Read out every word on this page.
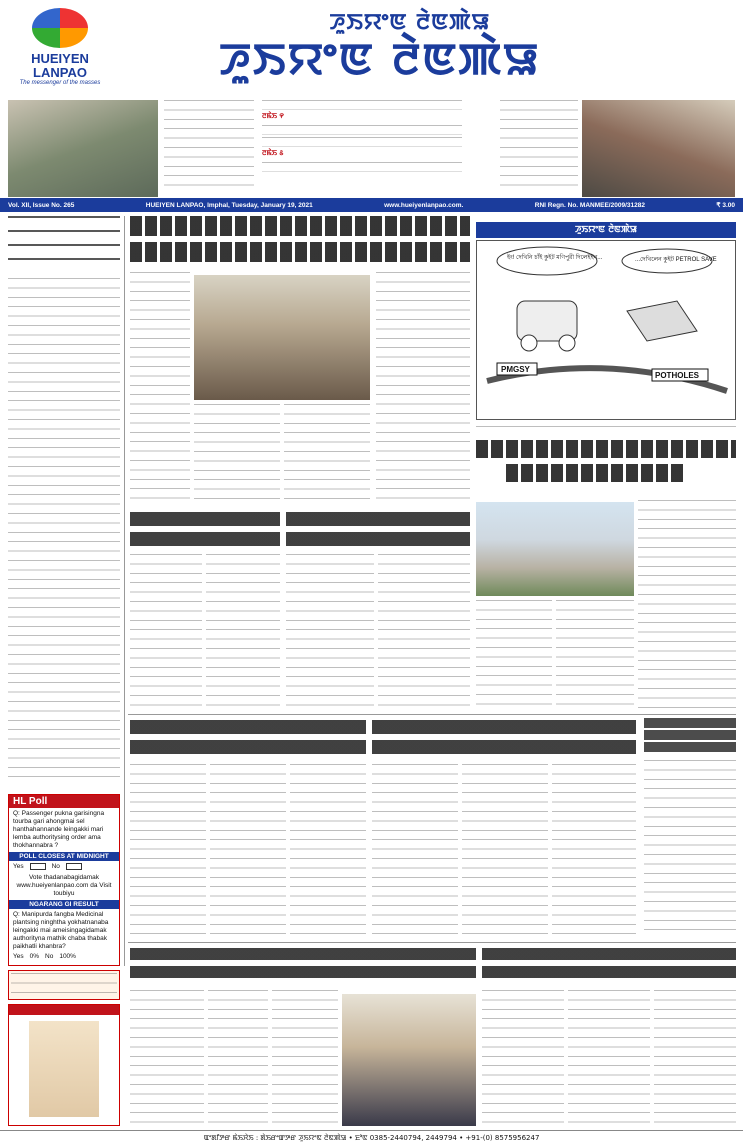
HUEIYEN LANPAO
The messenger of the masses
ꯍꯨꯏꯌꯦꯟ ꯂꯥꯟꯄꯥꯎ
ꯍꯨꯏꯌꯦꯟ ꯂꯥꯟꯄꯥꯎ
ꯂꯃꯥꯏ ꯵
ꯂꯃꯥꯏ ꯴
Vol. XII, Issue No. 265	HUEIYEN LANPAO, Imphal, Tuesday, January 19, 2021	www.hueiyenlanpao.com.	RNI Regn. No. MANMEE/2009/31282	₹ 3.00
ꯍꯨꯏꯌꯦꯟ ꯂꯥꯟꯄꯥꯎ
ইং! দেখিনি চাঁই কুইট মণিপুরী দিলেইইন...	...দেখিলেন কুইট PETROL SAVE
PMGSY
POTHOLES
HL Poll
Q: Passenger pukna garisingna tourba gari ahongmai sel hanthahannande leingakki mari lemba authoritysing order ama thokhannabra ?
POLL CLOSES AT MIDNIGHT
Yes	No
Vote thadanabagidamak www.hueiyenlanpao.com da Visit toubiyu
NGARANG GI RESULT
Q: Manipurda fangba Medicinal plantsing ninghtha yokhatnanaba leingakki mai ameisingagidamak authorityna mathik chaba thabak paikhatli khanbra?
Yes 0% No 100%
ꯑꯦꯗꯤꯇꯔ ꯃꯥꯏꯆꯥꯏ : ꯗꯥꯏꯔꯦꯛꯇꯔ ꯍꯨꯏꯌꯦꯟ ꯂꯥꯟꯄꯥꯎ • ꯐꯣꯟ 0385-2440794, 2449794 • +91-(0) 8575956247
